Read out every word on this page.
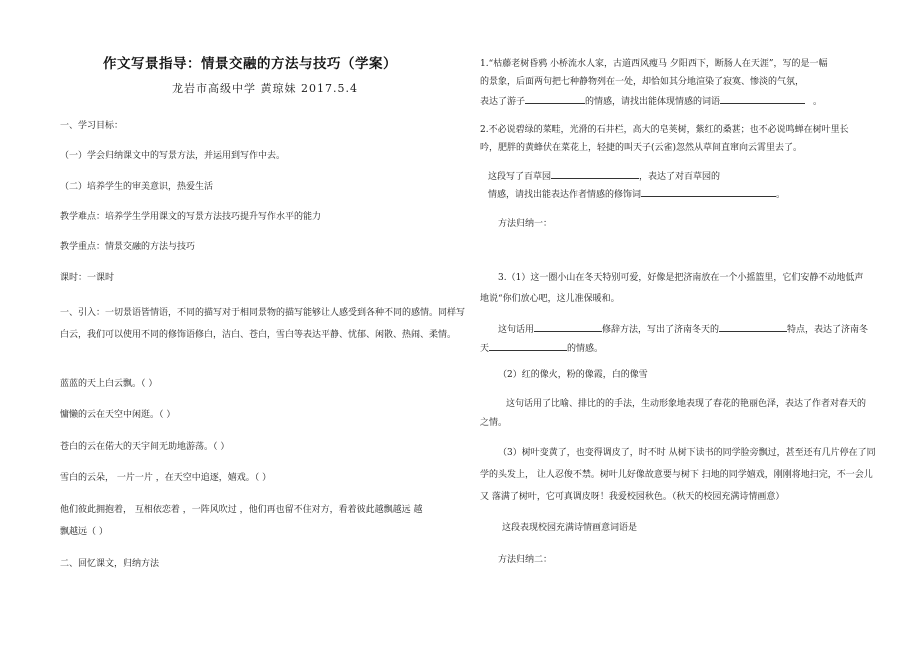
作文写景指导：情景交融的方法与技巧（学案）
龙岩市高级中学 黄琼妹 2017.5.4
一、学习目标：
（一）学会归纳课文中的写景方法，并运用到写作中去。
（二）培养学生的审美意识，热爱生活
教学难点：培养学生学用课文的写景方法技巧提升写作水平的能力
教学重点：情景交融的方法与技巧
课时：一课时
一、引入：一切景语皆情语，不同的描写对于相同景物的描写能够让人感受到各种不同的感情。同样写白云，我们可以使用不同的修饰语修白，洁白、苍白，雪白等表达平静、忧郁、闲散、热闹、柔情。
蓝蓝的天上白云飘。（ ）
慵懒的云在天空中闲逛。（ ）
苍白的云在偌大的天宇间无助地游荡。（ ）
雪白的云朵， 一片一片 ，在天空中追逐，嬉戏。（ ）
他们彼此拥抱着， 互相依恋着 ，一阵风吹过 ，他们再也留不住对方，看着彼此越飘越远 越
飘越远（ ）
二、回忆课文，归纳方法
1.“枯藤老树昏鸦 小桥流水人家，古道西风瘦马 夕阳西下，断肠人在天涯”，写的是一幅
的景象，后面两句把七种静物列在一处，却恰如其分地渲染了寂寞、惨淡的气氛，
表达了游子	的情感，请找出能体现情感的词语	。
2.不必说碧绿的菜畦，光滑的石井栏，高大的皂荚树，紫红的桑葚；也不必说鸣蝉在树叶里长
吟，肥胖的黄蜂伏在菜花上，轻捷的叫天子(云雀)忽然从草间直窜向云霄里去了。
这段写了百草园	，表达了对百草园的
情感，请找出能表达作者情感的修饰词	。
方法归纳一：
3.（1）这一圈小山在冬天特别可爱，好像是把济南放在一个小摇篮里，它们安静不动地低声
地说“你们放心吧，这儿准保暖和。
这句话用	修辞方法，写出了济南冬天的	特点，表达了济南冬
天	的情感。
（2）红的像火，粉的像霞，白的像雪
这句话用了比喻、排比的的手法，生动形象地表现了春花的艳丽色泽，表达了作者对春天的
之情。
（3）树叶变黄了，也变得调皮了，时不时 从树下读书的同学脸旁飘过，甚至还有几片停在了同
学的头发上， 让人忍俊不禁。树叶儿好像故意要与树下 扫地的同学嬉戏，刚刚将地扫完，不一会儿
又 落满了树叶，它可真调皮呀！我爱校园秋色。（秋天的校园充满诗情画意）
这段表现校园充满诗情画意词语是
方法归纳二：
